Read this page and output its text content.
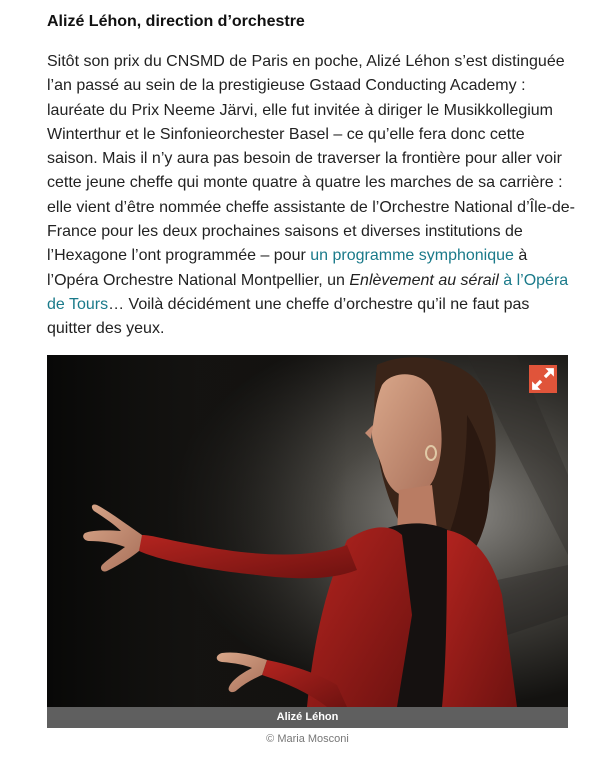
Alizé Léhon, direction d’orchestre

Sitôt son prix du CNSMD de Paris en poche, Alizé Léhon s’est distinguée l’an passé au sein de la prestigieuse Gstaad Conducting Academy : lauréate du Prix Neeme Järvi, elle fut invitée à diriger le Musikkollegium Winterthur et le Sinfonieorchester Basel – ce qu’elle fera donc cette saison. Mais il n’y aura pas besoin de traverser la frontière pour aller voir cette jeune cheffe qui monte quatre à quatre les marches de sa carrière : elle vient d’être nommée cheffe assistante de l’Orchestre National d’Île-de-France pour les deux prochaines saisons et diverses institutions de l’Hexagone l’ont programmée – pour un programme symphonique à l’Opéra Orchestre National Montpellier, un Enlèvement au sérail à l’Opéra de Tours… Voilà décidément une cheffe d’orchestre qu’il ne faut pas quitter des yeux.

Alizé Léhon
© Maria Mosconi
